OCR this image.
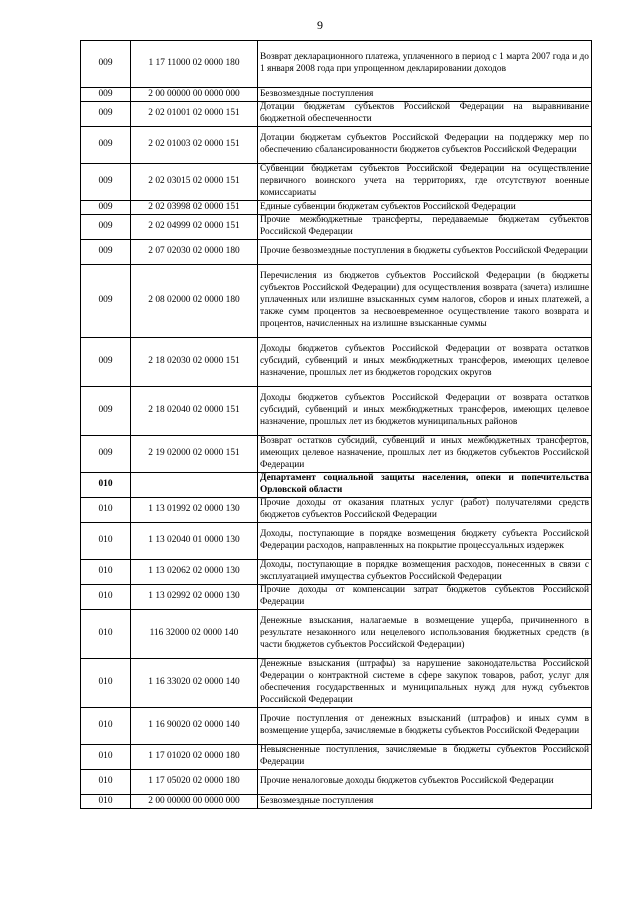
9
009	1 17 11000 02 0000 180	Возврат декларационного платежа, уплаченного в период с 1 марта 2007 года и до 1 января 2008 года при упрощенном декларировании доходов
009	2 00 00000 00 0000 000	Безвозмездные поступления
009	2 02 01001 02 0000 151	Дотации бюджетам субъектов Российской Федерации на выравнивание бюджетной обеспеченности
009	2 02 01003 02 0000 151	Дотации бюджетам субъектов Российской Федерации на поддержку мер по обеспечению сбалансированности бюджетов субъектов Российской Федерации
009	2 02 03015 02 0000 151	Субвенции бюджетам субъектов Российской Федерации на осуществление первичного воинского учета на территориях, где отсутствуют военные комиссариаты
009	2 02 03998 02 0000 151	Единые субвенции бюджетам субъектов Российской Федерации
009	2 02 04999 02 0000 151	Прочие межбюджетные трансферты, передаваемые бюджетам субъектов Российской Федерации
009	2 07 02030 02 0000 180	Прочие безвозмездные поступления в бюджеты субъектов Российской Федерации
009	2 08 02000 02 0000 180	Перечисления из бюджетов субъектов Российской Федерации (в бюджеты субъектов Российской Федерации) для осуществления возврата (зачета) излишне уплаченных или излишне взысканных сумм налогов, сборов и иных платежей, а также сумм процентов за несвоевременное осуществление такого возврата и процентов, начисленных на излишне взысканные суммы
009	2 18 02030 02 0000 151	Доходы бюджетов субъектов Российской Федерации от возврата остатков субсидий, субвенций и иных межбюджетных трансферов, имеющих целевое назначение, прошлых лет из бюджетов городских округов
009	2 18 02040 02 0000 151	Доходы бюджетов субъектов Российской Федерации от возврата остатков субсидий, субвенций и иных межбюджетных трансферов, имеющих целевое назначение, прошлых лет из бюджетов муниципальных районов
009	2 19 02000 02 0000 151	Возврат остатков субсидий, субвенций и иных межбюджетных трансфертов, имеющих целевое назначение, прошлых лет из бюджетов субъектов Российской Федерации
010		Департамент социальной защиты населения, опеки и попечительства Орловской области
010	1 13 01992 02 0000 130	Прочие доходы от оказания платных услуг (работ) получателями средств бюджетов субъектов Российской Федерации
010	1 13 02040 01 0000 130	Доходы, поступающие в порядке возмещения бюджету субъекта Российской Федерации расходов, направленных на покрытие процессуальных издержек
010	1 13 02062 02 0000 130	Доходы, поступающие в порядке возмещения расходов, понесенных в связи с эксплуатацией имущества субъектов Российской Федерации
010	1 13 02992 02 0000 130	Прочие доходы от компенсации затрат бюджетов субъектов Российской Федерации
010	116 32000 02 0000 140	Денежные взыскания, налагаемые в возмещение ущерба, причиненного в результате незаконного или нецелевого использования бюджетных средств (в части бюджетов субъектов Российской Федерации)
010	1 16 33020 02 0000 140	Денежные взыскания (штрафы) за нарушение законодательства Российской Федерации о контрактной системе в сфере закупок товаров, работ, услуг для обеспечения государственных и муниципальных нужд для нужд субъектов Российской Федерации
010	1 16 90020 02 0000 140	Прочие поступления от денежных взысканий (штрафов) и иных сумм в возмещение ущерба, зачисляемые в бюджеты субъектов Российской Федерации
010	1 17 01020 02 0000 180	Невыясненные поступления, зачисляемые в бюджеты субъектов Российской Федерации
010	1 17 05020 02 0000 180	Прочие неналоговые доходы бюджетов субъектов Российской Федерации
010	2 00 00000 00 0000 000	Безвозмездные поступления
